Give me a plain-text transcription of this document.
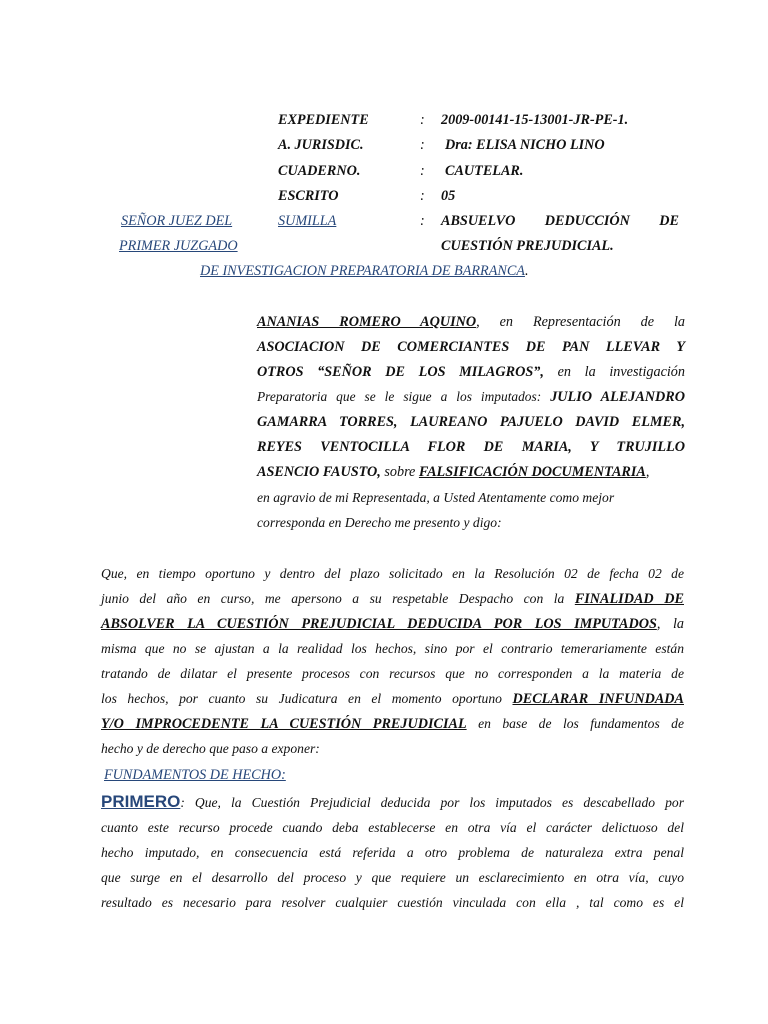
EXPEDIENTE	: 2009-00141-15-13001-JR-PE-1.
A. JURISDIC.	: Dra: ELISA NICHO LINO
CUADERNO.	: CAUTELAR.
ESCRITO	: 05
SUMILLA	: ABSUELVO DEDUCCIÓN DE
CUESTIÓN PREJUDICIAL.
SEÑOR JUEZ DEL
PRIMER JUZGADO
DE INVESTIGACION PREPARATORIA DE BARRANCA.
ANANIAS ROMERO AQUINO, en Representación de la
ASOCIACION DE COMERCIANTES DE PAN LLEVAR Y
OTROS “SEÑOR DE LOS MILAGROS”, en la investigación
Preparatoria que se le sigue a los imputados: JULIO ALEJANDRO
GAMARRA TORRES, LAUREANO PAJUELO DAVID ELMER,
REYES VENTOCILLA FLOR DE MARIA, Y TRUJILLO
ASENCIO FAUSTO, sobre FALSIFICACIÓN DOCUMENTARIA,
en agravio de mi Representada, a Usted Atentamente como mejor
corresponda en Derecho me presento y digo:
Que, en tiempo oportuno y dentro del plazo solicitado en la Resolución 02 de fecha 02 de
junio del año en curso, me apersono a su respetable Despacho con la FINALIDAD DE
ABSOLVER LA CUESTIÓN PREJUDICIAL DEDUCIDA POR LOS IMPUTADOS, la
misma que no se ajustan a la realidad los hechos, sino por el contrario temerariamente están
tratando de dilatar el presente procesos con recursos que no corresponden a la materia de
los hechos, por cuanto su Judicatura en el momento oportuno DECLARAR INFUNDADA
Y/O IMPROCEDENTE LA CUESTIÓN PREJUDICIAL en base de los fundamentos de
hecho y de derecho que paso a exponer:
FUNDAMENTOS DE HECHO:
PRIMERO: Que, la Cuestión Prejudicial deducida por los imputados es descabellado por
cuanto este recurso procede cuando deba establecerse en otra vía el carácter delictuoso del
hecho imputado, en consecuencia está referida a otro problema de naturaleza extra penal
que surge en el desarrollo del proceso y que requiere un esclarecimiento en otra vía, cuyo
resultado es necesario para resolver cualquier cuestión vinculada con ella , tal como es el
